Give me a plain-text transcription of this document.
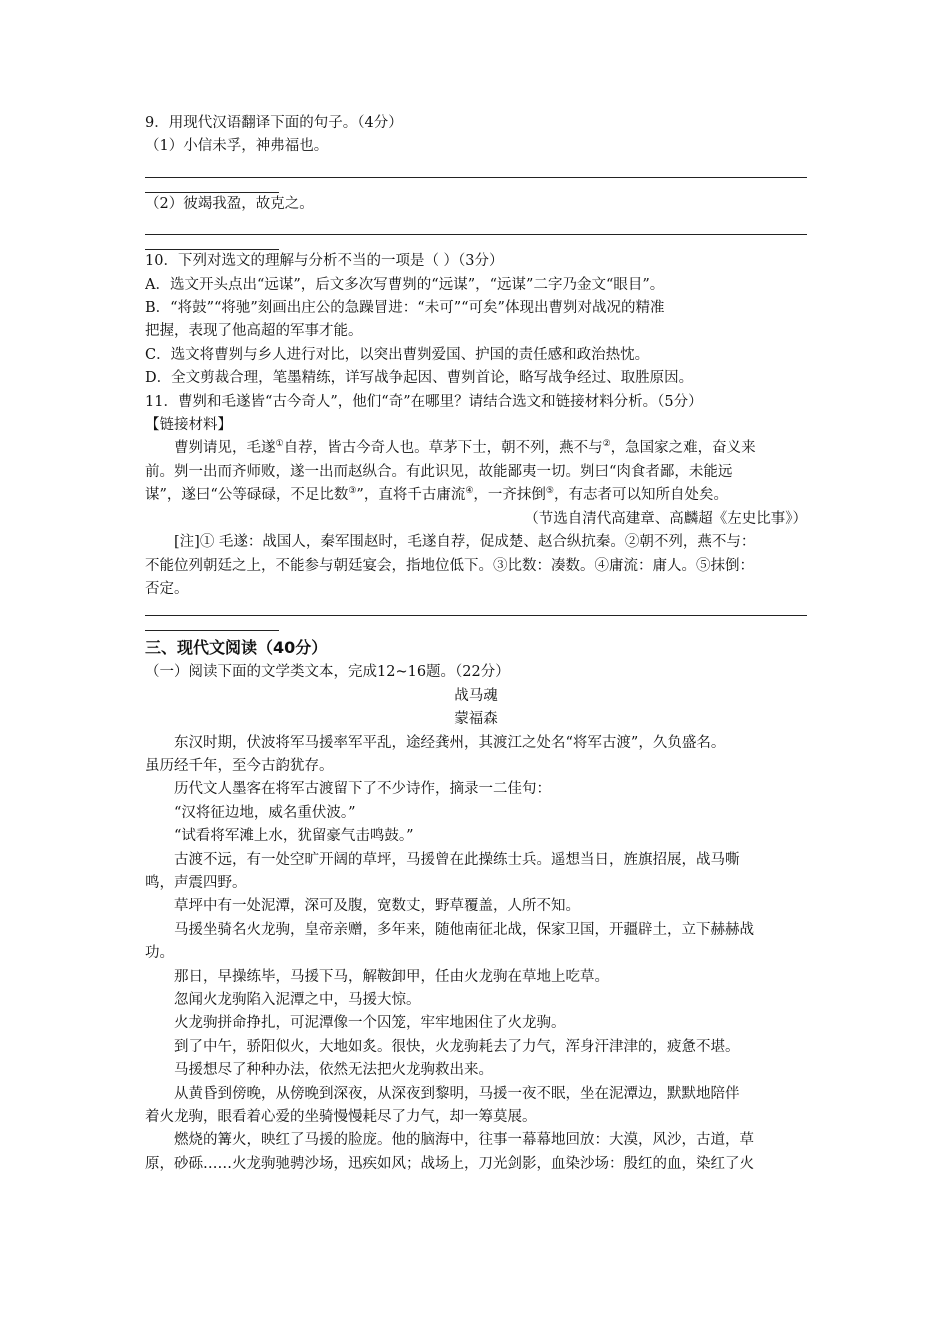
9．用现代汉语翻译下面的句子。（4分）
（1）小信未孚，神弗福也。
（2）彼竭我盈，故克之。
10．下列对选文的理解与分析不当的一项是（ ）（3分）
A．选文开头点出“远谋”，后文多次写曹刿的“远谋”，“远谋”二字乃金文“眼目”。
B．“将鼓”“将驰”刻画出庄公的急躁冒进：“未可”“可矣”体现出曹刿对战况的精准
把握，表现了他高超的军事才能。
C．选文将曹刿与乡人进行对比，以突出曹刿爱国、护国的责任感和政治热忱。
D．全文剪裁合理，笔墨精练，详写战争起因、曹刿首论，略写战争经过、取胜原因。
11．曹刿和毛遂皆“古今奇人”，他们“奇”在哪里？请结合选文和链接材料分析。（5分）
【链接材料】
曹刿请见，毛遂①自荐，皆古今奇人也。草茅下士，朝不列，燕不与②，急国家之难，奋义来
前。刿一出而齐师败，遂一出而赵纵合。有此识见，故能鄙夷一切。刿曰“肉食者鄙，未能远
谋”，遂曰“公等碌碌，不足比数③”，直将千古庸流④，一齐抹倒⑤，有志者可以知所自处矣。
（节选自清代高建章、高麟超《左史比事》）
[注]① 毛遂：战国人，秦军围赵时，毛遂自荐，促成楚、赵合纵抗秦。②朝不列，燕不与：
不能位列朝廷之上，不能参与朝廷宴会，指地位低下。③比数：凑数。④庸流：庸人。⑤抹倒：
否定。
三、现代文阅读（40分）
（一）阅读下面的文学类文本，完成12~16题。（22分）
战马魂
蒙福森
东汉时期，伏波将军马援率军平乱，途经龚州，其渡江之处名“将军古渡”，久负盛名。
虽历经千年，至今古韵犹存。
历代文人墨客在将军古渡留下了不少诗作，摘录一二佳句：
“汉将征边地，威名重伏波。”
“试看将军滩上水，犹留豪气击鸣鼓。”
古渡不远，有一处空旷开阔的草坪，马援曾在此操练士兵。遥想当日，旌旗招展，战马嘶
鸣，声震四野。
草坪中有一处泥潭，深可及腹，宽数丈，野草覆盖，人所不知。
马援坐骑名火龙驹，皇帝亲赠，多年来，随他南征北战，保家卫国，开疆辟土，立下赫赫战
功。
那日，早操练毕，马援下马，解鞍卸甲，任由火龙驹在草地上吃草。
忽闻火龙驹陷入泥潭之中，马援大惊。
火龙驹拼命挣扎，可泥潭像一个囚笼，牢牢地困住了火龙驹。
到了中午，骄阳似火，大地如炙。很快，火龙驹耗去了力气，浑身汗津津的，疲惫不堪。
马援想尽了种种办法，依然无法把火龙驹救出来。
从黄昏到傍晚，从傍晚到深夜，从深夜到黎明，马援一夜不眠，坐在泥潭边，默默地陪伴
着火龙驹，眼看着心爱的坐骑慢慢耗尽了力气，却一筹莫展。
燃烧的篝火，映红了马援的脸庞。他的脑海中，往事一幕幕地回放：大漠，风沙，古道，草
原，砂砾……火龙驹驰骋沙场，迅疾如风；战场上，刀光剑影，血染沙场：殷红的血，染红了火
